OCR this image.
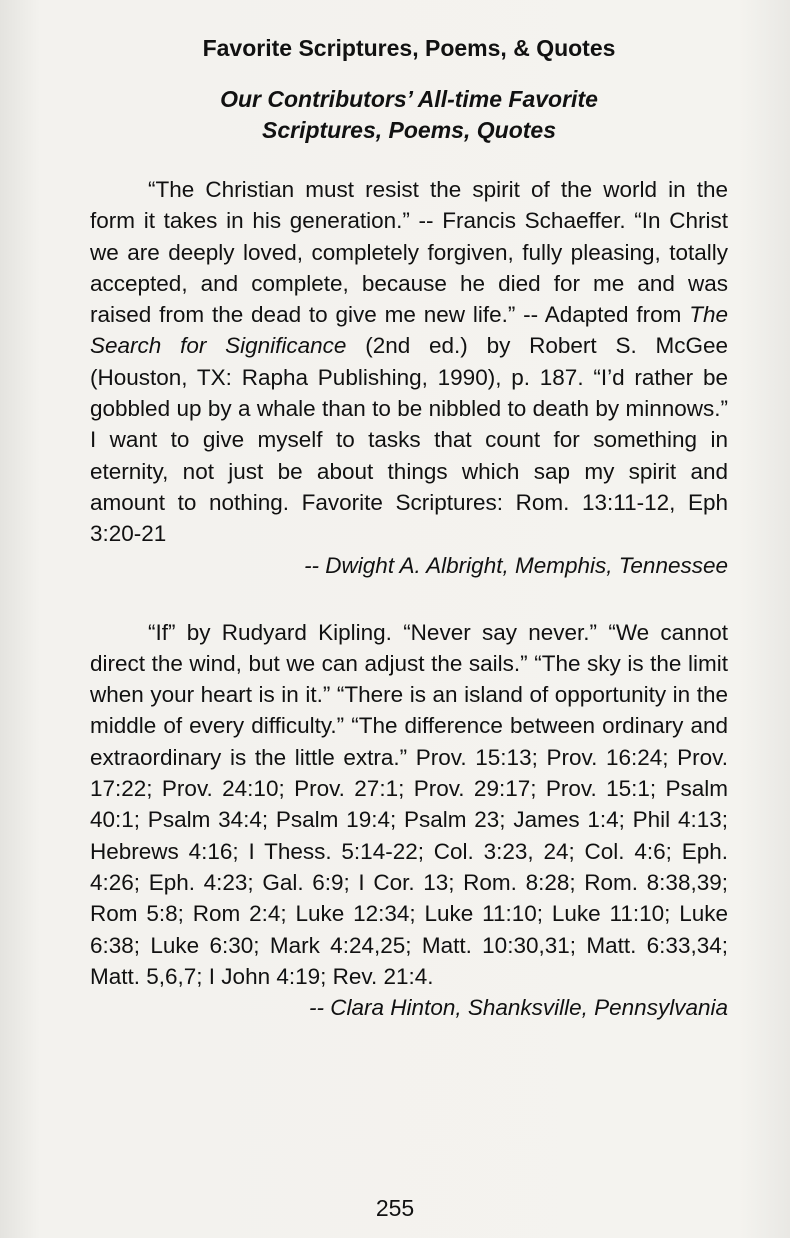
Favorite Scriptures, Poems, & Quotes
Our Contributors’ All-time Favorite
Scriptures, Poems, Quotes

“The Christian must resist the spirit of the world in the form it takes in his generation.” -- Francis Schaeffer. “In Christ we are deeply loved, completely forgiven, fully pleasing, totally accepted, and complete, because he died for me and was raised from the dead to give me new life.” -- Adapted from The Search for Significance (2nd ed.) by Robert S. McGee (Houston, TX: Rapha Publishing, 1990), p. 187. “I’d rather be gobbled up by a whale than to be nibbled to death by minnows.” I want to give myself to tasks that count for something in eternity, not just be about things which sap my spirit and amount to nothing. Favorite Scriptures: Rom. 13:11-12, Eph 3:20-21

-- Dwight A. Albright, Memphis, Tennessee

“If” by Rudyard Kipling. “Never say never.” “We cannot direct the wind, but we can adjust the sails.” “The sky is the limit when your heart is in it.” “There is an island of opportunity in the middle of every difficulty.” “The difference between ordinary and extraordinary is the little extra.” Prov. 15:13; Prov. 16:24; Prov. 17:22; Prov. 24:10; Prov. 27:1; Prov. 29:17; Prov. 15:1; Psalm 40:1; Psalm 34:4; Psalm 19:4; Psalm 23; James 1:4; Phil 4:13; Hebrews 4:16; I Thess. 5:14-22; Col. 3:23, 24; Col. 4:6; Eph. 4:26; Eph. 4:23; Gal. 6:9; I Cor. 13; Rom. 8:28; Rom. 8:38,39; Rom 5:8; Rom 2:4; Luke 12:34; Luke 11:10; Luke 11:10; Luke 6:38; Luke 6:30; Mark 4:24,25; Matt. 10:30,31; Matt. 6:33,34; Matt. 5,6,7; I John 4:19; Rev. 21:4.

-- Clara Hinton, Shanksville, Pennsylvania
255
